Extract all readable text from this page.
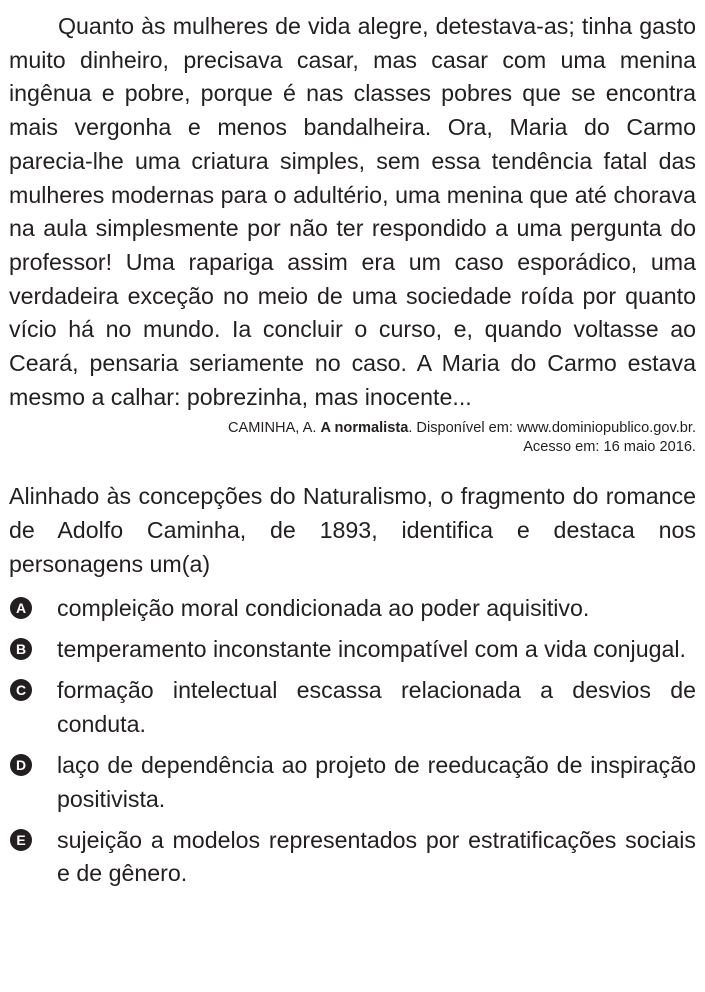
Quanto às mulheres de vida alegre, detestava-as; tinha gasto muito dinheiro, precisava casar, mas casar com uma menina ingênua e pobre, porque é nas classes pobres que se encontra mais vergonha e menos bandalheira. Ora, Maria do Carmo parecia-lhe uma criatura simples, sem essa tendência fatal das mulheres modernas para o adultério, uma menina que até chorava na aula simplesmente por não ter respondido a uma pergunta do professor! Uma rapariga assim era um caso esporádico, uma verdadeira exceção no meio de uma sociedade roída por quanto vício há no mundo. Ia concluir o curso, e, quando voltasse ao Ceará, pensaria seriamente no caso. A Maria do Carmo estava mesmo a calhar: pobrezinha, mas inocente...

CAMINHA, A. A normalista. Disponível em: www.dominiopublico.gov.br.
Acesso em: 16 maio 2016.

Alinhado às concepções do Naturalismo, o fragmento do romance de Adolfo Caminha, de 1893, identifica e destaca nos personagens um(a)

A compleição moral condicionada ao poder aquisitivo.
B temperamento inconstante incompatível com a vida conjugal.
C formação intelectual escassa relacionada a desvios de conduta.
D laço de dependência ao projeto de reeducação de inspiração positivista.
E sujeição a modelos representados por estratificações sociais e de gênero.
